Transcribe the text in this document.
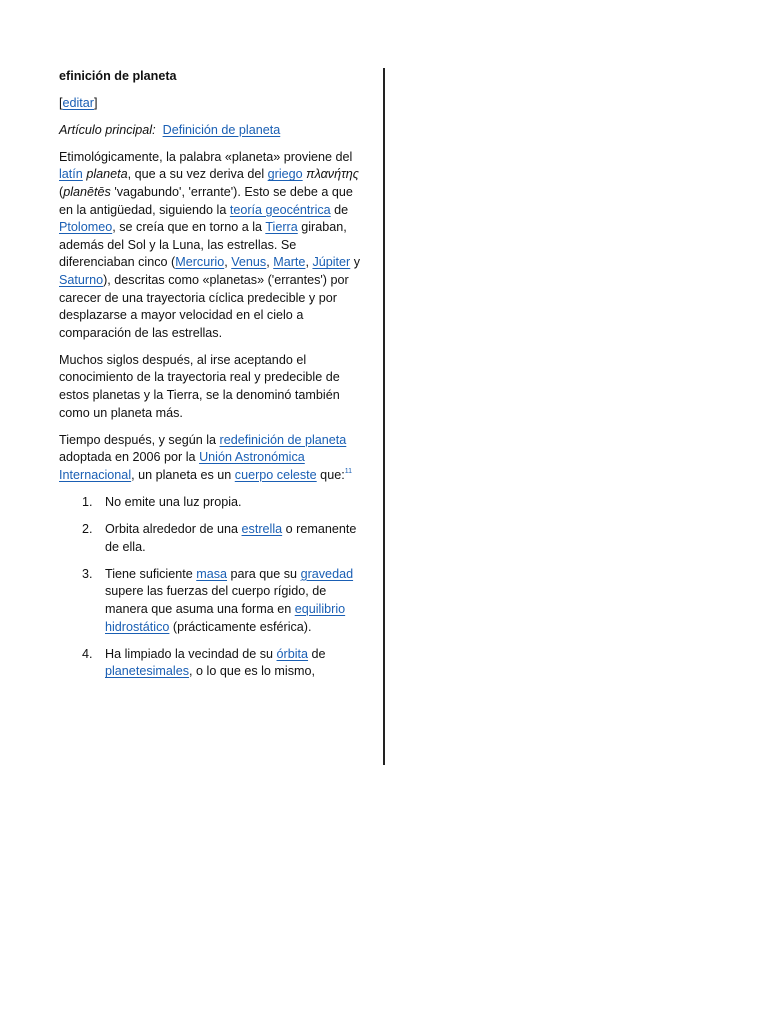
efinición de planeta

[editar]

Artículo principal: Definición de planeta

Etimológicamente, la palabra «planeta» proviene del latín planeta, que a su vez deriva del griego πλανήτης (planētēs 'vagabundo', 'errante'). Esto se debe a que en la antigüedad, siguiendo la teoría geocéntrica de Ptolomeo, se creía que en torno a la Tierra giraban, además del Sol y la Luna, las estrellas. Se diferenciaban cinco (Mercurio, Venus, Marte, Júpiter y Saturno), descritas como «planetas» ('errantes') por carecer de una trayectoria cíclica predecible y por desplazarse a mayor velocidad en el cielo a comparación de las estrellas.

Muchos siglos después, al irse aceptando el conocimiento de la trayectoria real y predecible de estos planetas y la Tierra, se la denominó también como un planeta más.

Tiempo después, y según la redefinición de planeta adoptada en 2006 por la Unión Astronómica Internacional, un planeta es un cuerpo celeste que:$^{11}$

1. No emite una luz propia.
2. Orbita alrededor de una estrella o remanente de ella.
3. Tiene suficiente masa para que su gravedad supere las fuerzas del cuerpo rígido, de manera que asuma una forma en equilibrio hidrostático (prácticamente esférica).
4. Ha limpiado la vecindad de su órbita de planetesimales, o lo que es lo mismo,
